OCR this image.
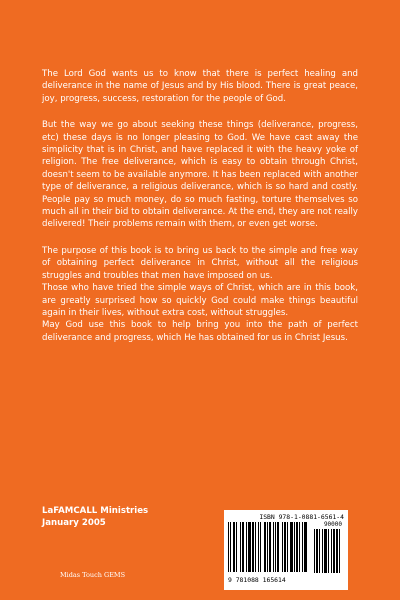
The Lord God wants us to know that there is perfect healing and deliverance in the name of Jesus and by His blood. There is great peace, joy, progress, success, restoration for the people of God.

But the way we go about seeking these things (deliverance, progress, etc) these days is no longer pleasing to God. We have cast away the simplicity that is in Christ, and have replaced it with the heavy yoke of religion. The free deliverance, which is easy to obtain through Christ, doesn't seem to be available anymore. It has been replaced with another type of deliverance, a religious deliverance, which is so hard and costly. People pay so much money, do so much fasting, torture themselves so much all in their bid to obtain deliverance. At the end, they are not really delivered! Their problems remain with them, or even get worse.

The purpose of this book is to bring us back to the simple and free way of obtaining perfect deliverance in Christ, without all the religious struggles and troubles that men have imposed on us.

Those who have tried the simple ways of Christ, which are in this book, are greatly surprised how so quickly God could make things beautiful again in their lives, without extra cost, without struggles.

May God use this book to help bring you into the path of perfect deliverance and progress, which He has obtained for us in Christ Jesus.

LaFAMCALL Ministries
January 2005
Midas Touch GEMS
ISBN 978-1-0881-6561-4
90000
9 781088 165614
